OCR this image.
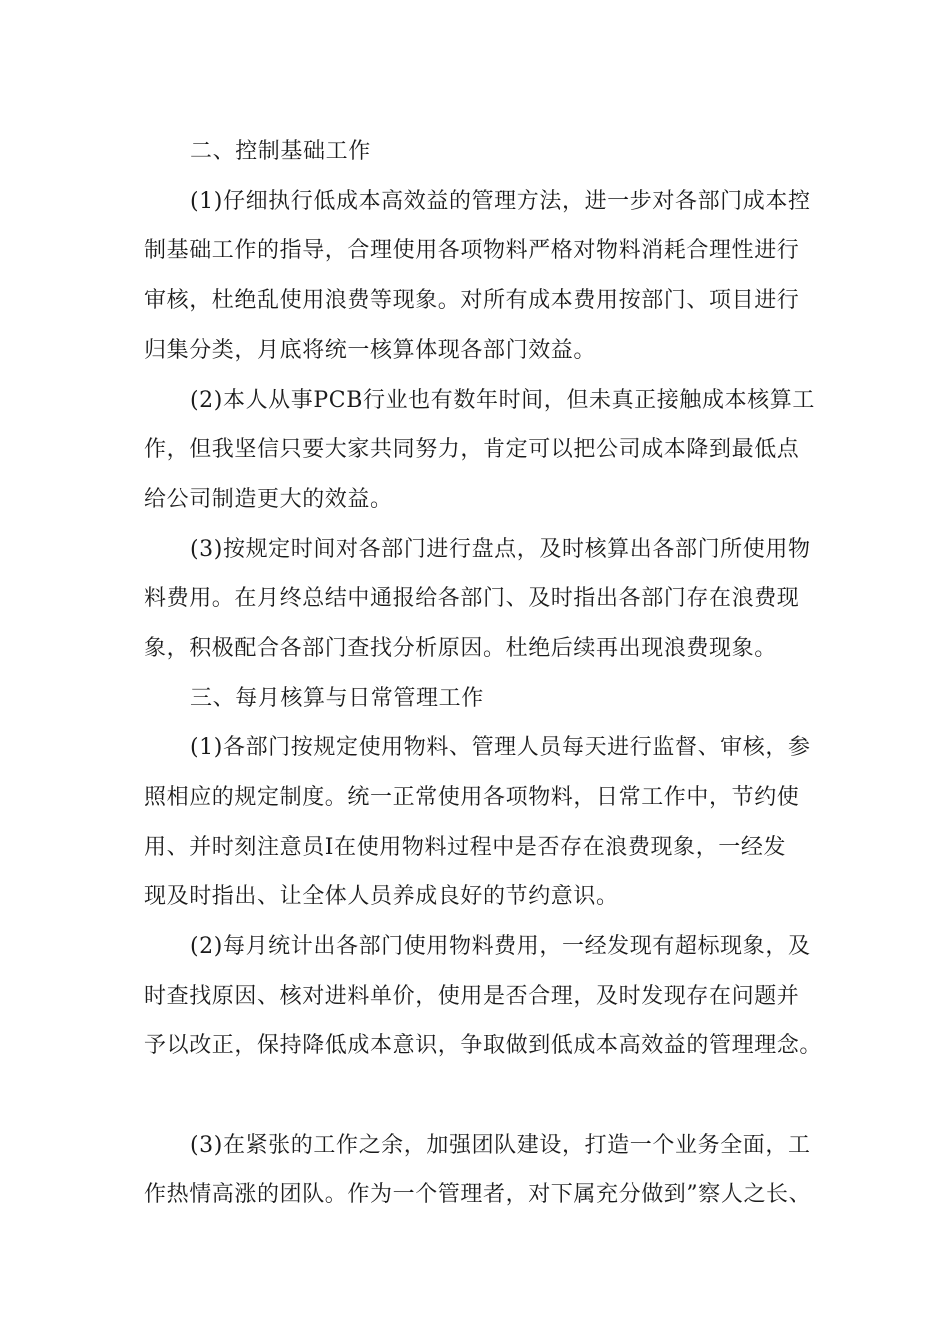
二、控制基础工作
(1)仔细执行低成本高效益的管理方法，进一步对各部门成本控
制基础工作的指导，合理使用各项物料严格对物料消耗合理性进行
审核，杜绝乱使用浪费等现象。对所有成本费用按部门、项目进行
归集分类，月底将统一核算体现各部门效益。
(2)本人从事PCB行业也有数年时间，但未真正接触成本核算工
作，但我坚信只要大家共同努力，肯定可以把公司成本降到最低点
给公司制造更大的效益。
(3)按规定时间对各部门进行盘点，及时核算出各部门所使用物
料费用。在月终总结中通报给各部门、及时指出各部门存在浪费现
象，积极配合各部门查找分析原因。杜绝后续再出现浪费现象。
三、每月核算与日常管理工作
(1)各部门按规定使用物料、管理人员每天进行监督、审核，参
照相应的规定制度。统一正常使用各项物料，日常工作中，节约使
用、并时刻注意员I在使用物料过程中是否存在浪费现象，一经发
现及时指出、让全体人员养成良好的节约意识。
(2)每月统计出各部门使用物料费用，一经发现有超标现象，及
时查找原因、核对进料单价，使用是否合理，及时发现存在问题并
予以改正，保持降低成本意识，争取做到低成本高效益的管理理念。
(3)在紧张的工作之余，加强团队建设，打造一个业务全面，工
作热情高涨的团队。作为一个管理者，对下属充分做到”察人之长、
